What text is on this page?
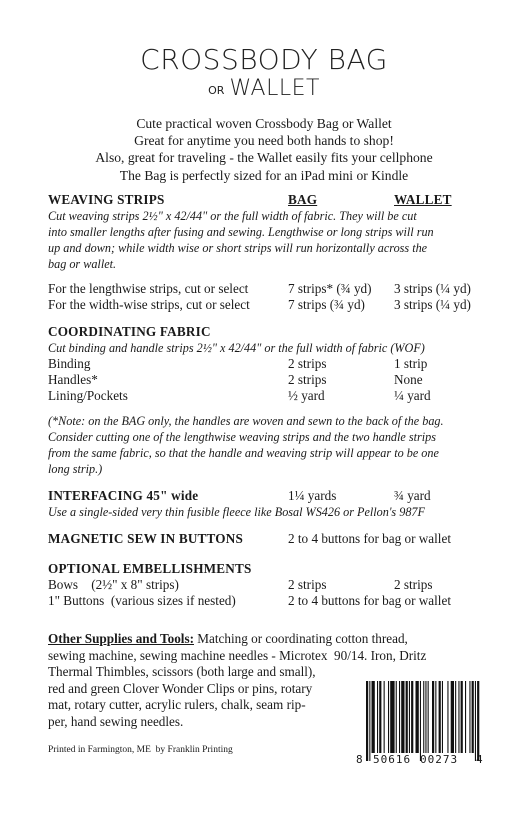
CROSSBODY BAG
OR WALLET
Cute practical woven Crossbody Bag or Wallet
Great for anytime you need both hands to shop!
Also, great for traveling - the Wallet easily fits your cellphone
The Bag is perfectly sized for an iPad mini or Kindle
WEAVING STRIPS	BAG	WALLET
Cut weaving strips 2½" x 42/44" or the full width of fabric. They will be cut
into smaller lengths after fusing and sewing. Lengthwise or long strips will run
up and down; while width wise or short strips will run horizontally across the
bag or wallet.
For the lengthwise strips, cut or select	7 strips* (¾ yd)	3 strips (¼ yd)
For the width-wise strips, cut or select	7 strips (¾ yd)	3 strips (¼ yd)
COORDINATING FABRIC
Cut binding and handle strips 2½" x 42/44" or the full width of fabric (WOF)
Binding	2 strips	1 strip
Handles*	2 strips	None
Lining/Pockets	½ yard	¼ yard
(*Note: on the BAG only, the handles are woven and sewn to the back of the bag.
Consider cutting one of the lengthwise weaving strips and the two handle strips
from the same fabric, so that the handle and weaving strip will appear to be one
long strip.)
INTERFACING 45" wide	1¼ yards	¾ yard
Use a single-sided very thin fusible fleece like Bosal WS426 or Pellon's 987F
MAGNETIC SEW IN BUTTONS	2 to 4 buttons for bag or wallet
OPTIONAL EMBELLISHMENTS
Bows    (2½" x 8" strips)	2 strips	2 strips
1" Buttons  (various sizes if nested)	2 to 4 buttons for bag or wallet
Other Supplies and Tools: Matching or coordinating cotton thread,
sewing machine, sewing machine needles - Microtex  90/14. Iron, Dritz
Thermal Thimbles, scissors (both large and small),
red and green Clover Wonder Clips or pins, rotary
mat, rotary cutter, acrylic rulers, chalk, seam rip-
per, hand sewing needles.
Printed in Farmington, ME  by Franklin Printing
8 50616 00273 4
